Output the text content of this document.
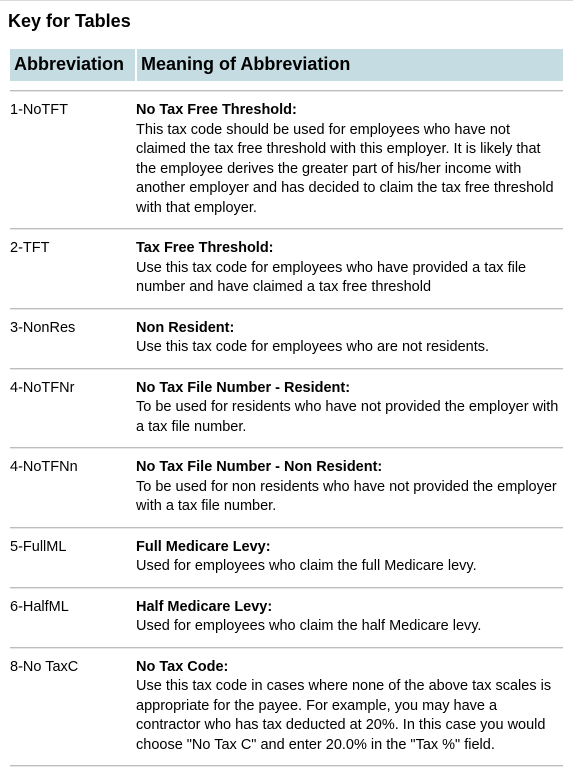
Key for Tables
Abbreviation Meaning of Abbreviation
1-NoTFT	No Tax Free Threshold:
This tax code should be used for employees who have not claimed the tax free threshold with this employer. It is likely that the employee derives the greater part of his/her income with another employer and has decided to claim the tax free threshold with that employer.
2-TFT	Tax Free Threshold:
Use this tax code for employees who have provided a tax file number and have claimed a tax free threshold
3-NonRes	Non Resident:
Use this tax code for employees who are not residents.
4-NoTFNr	No Tax File Number - Resident:
To be used for residents who have not provided the employer with a tax file number.
4-NoTFNn	No Tax File Number - Non Resident:
To be used for non residents who have not provided the employer with a tax file number.
5-FullML	Full Medicare Levy:
Used for employees who claim the full Medicare levy.
6-HalfML	Half Medicare Levy:
Used for employees who claim the half Medicare levy.
8-No TaxC	No Tax Code:
Use this tax code in cases where none of the above tax scales is appropriate for the payee. For example, you may have a contractor who has tax deducted at 20%. In this case you would choose "No Tax C" and enter 20.0% in the "Tax %" field.
